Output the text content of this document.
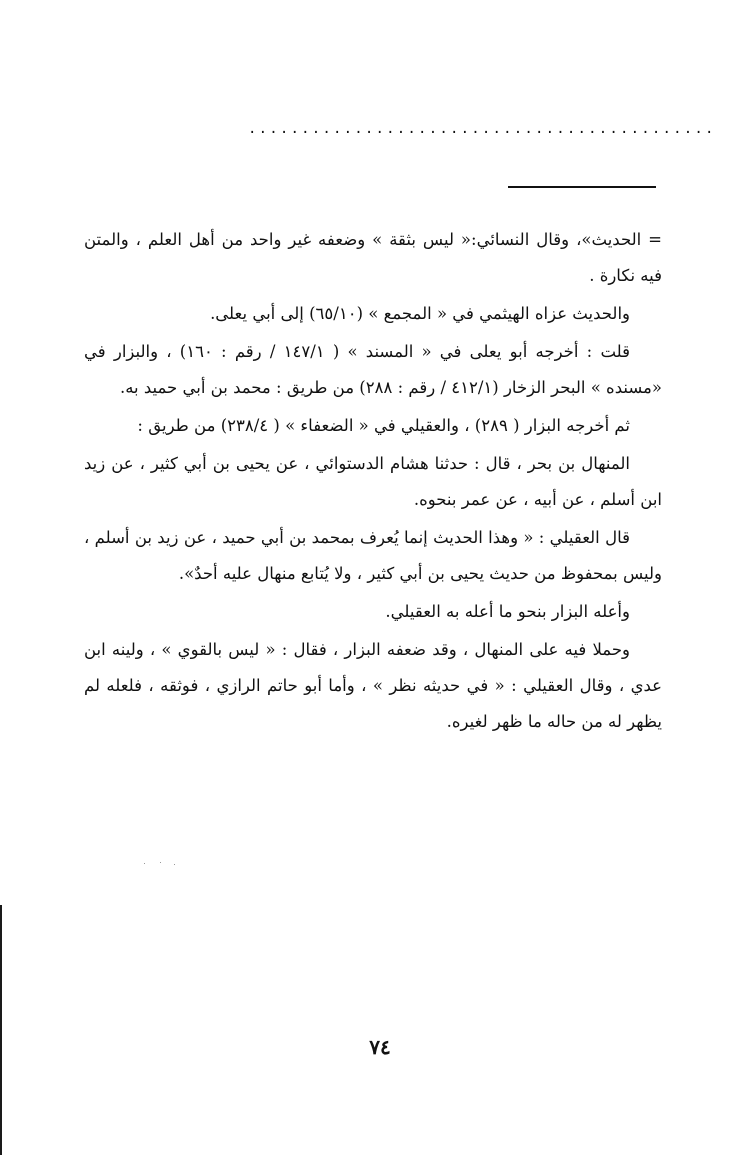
............................................

= الحديث»، وقال النسائي:« ليس بثقة » وضعفه غير واحد من أهل العلم ، والمتن فيه نكارة .

والحديث عزاه الهيثمي في « المجمع » (٦٥/١٠) إلى أبي يعلى.

قلت : أخرجه أبو يعلى في « المسند » ( ١٤٧/١ / رقم : ١٦٠) ، والبزار في «مسنده » البحر الزخار (٤١٢/١ / رقم : ٢٨٨) من طريق : محمد بن أبي حميد به.

ثم أخرجه البزار ( ٢٨٩) ، والعقيلي في « الضعفاء » ( ٢٣٨/٤) من طريق :

المنهال بن بحر ، قال : حدثنا هشام الدستوائي ، عن يحيى بن أبي كثير ، عن زيد ابن أسلم ، عن أبيه ، عن عمر بنحوه.

قال العقيلي : « وهذا الحديث إنما يُعرف بمحمد بن أبي حميد ، عن زيد بن أسلم ، وليس بمحفوظ من حديث يحيى بن أبي كثير ، ولا يُتابع منهال عليه أحدٌ».

وأعله البزار بنحو ما أعله به العقيلي.

وحملا فيه على المنهال ، وقد ضعفه البزار ، فقال : « ليس بالقوي » ، ولينه ابن عدي ، وقال العقيلي : « في حديثه نظر » ، وأما أبو حاتم الرازي ، فوثقه ، فلعله لم يظهر له من حاله ما ظهر لغيره.

٧٤
